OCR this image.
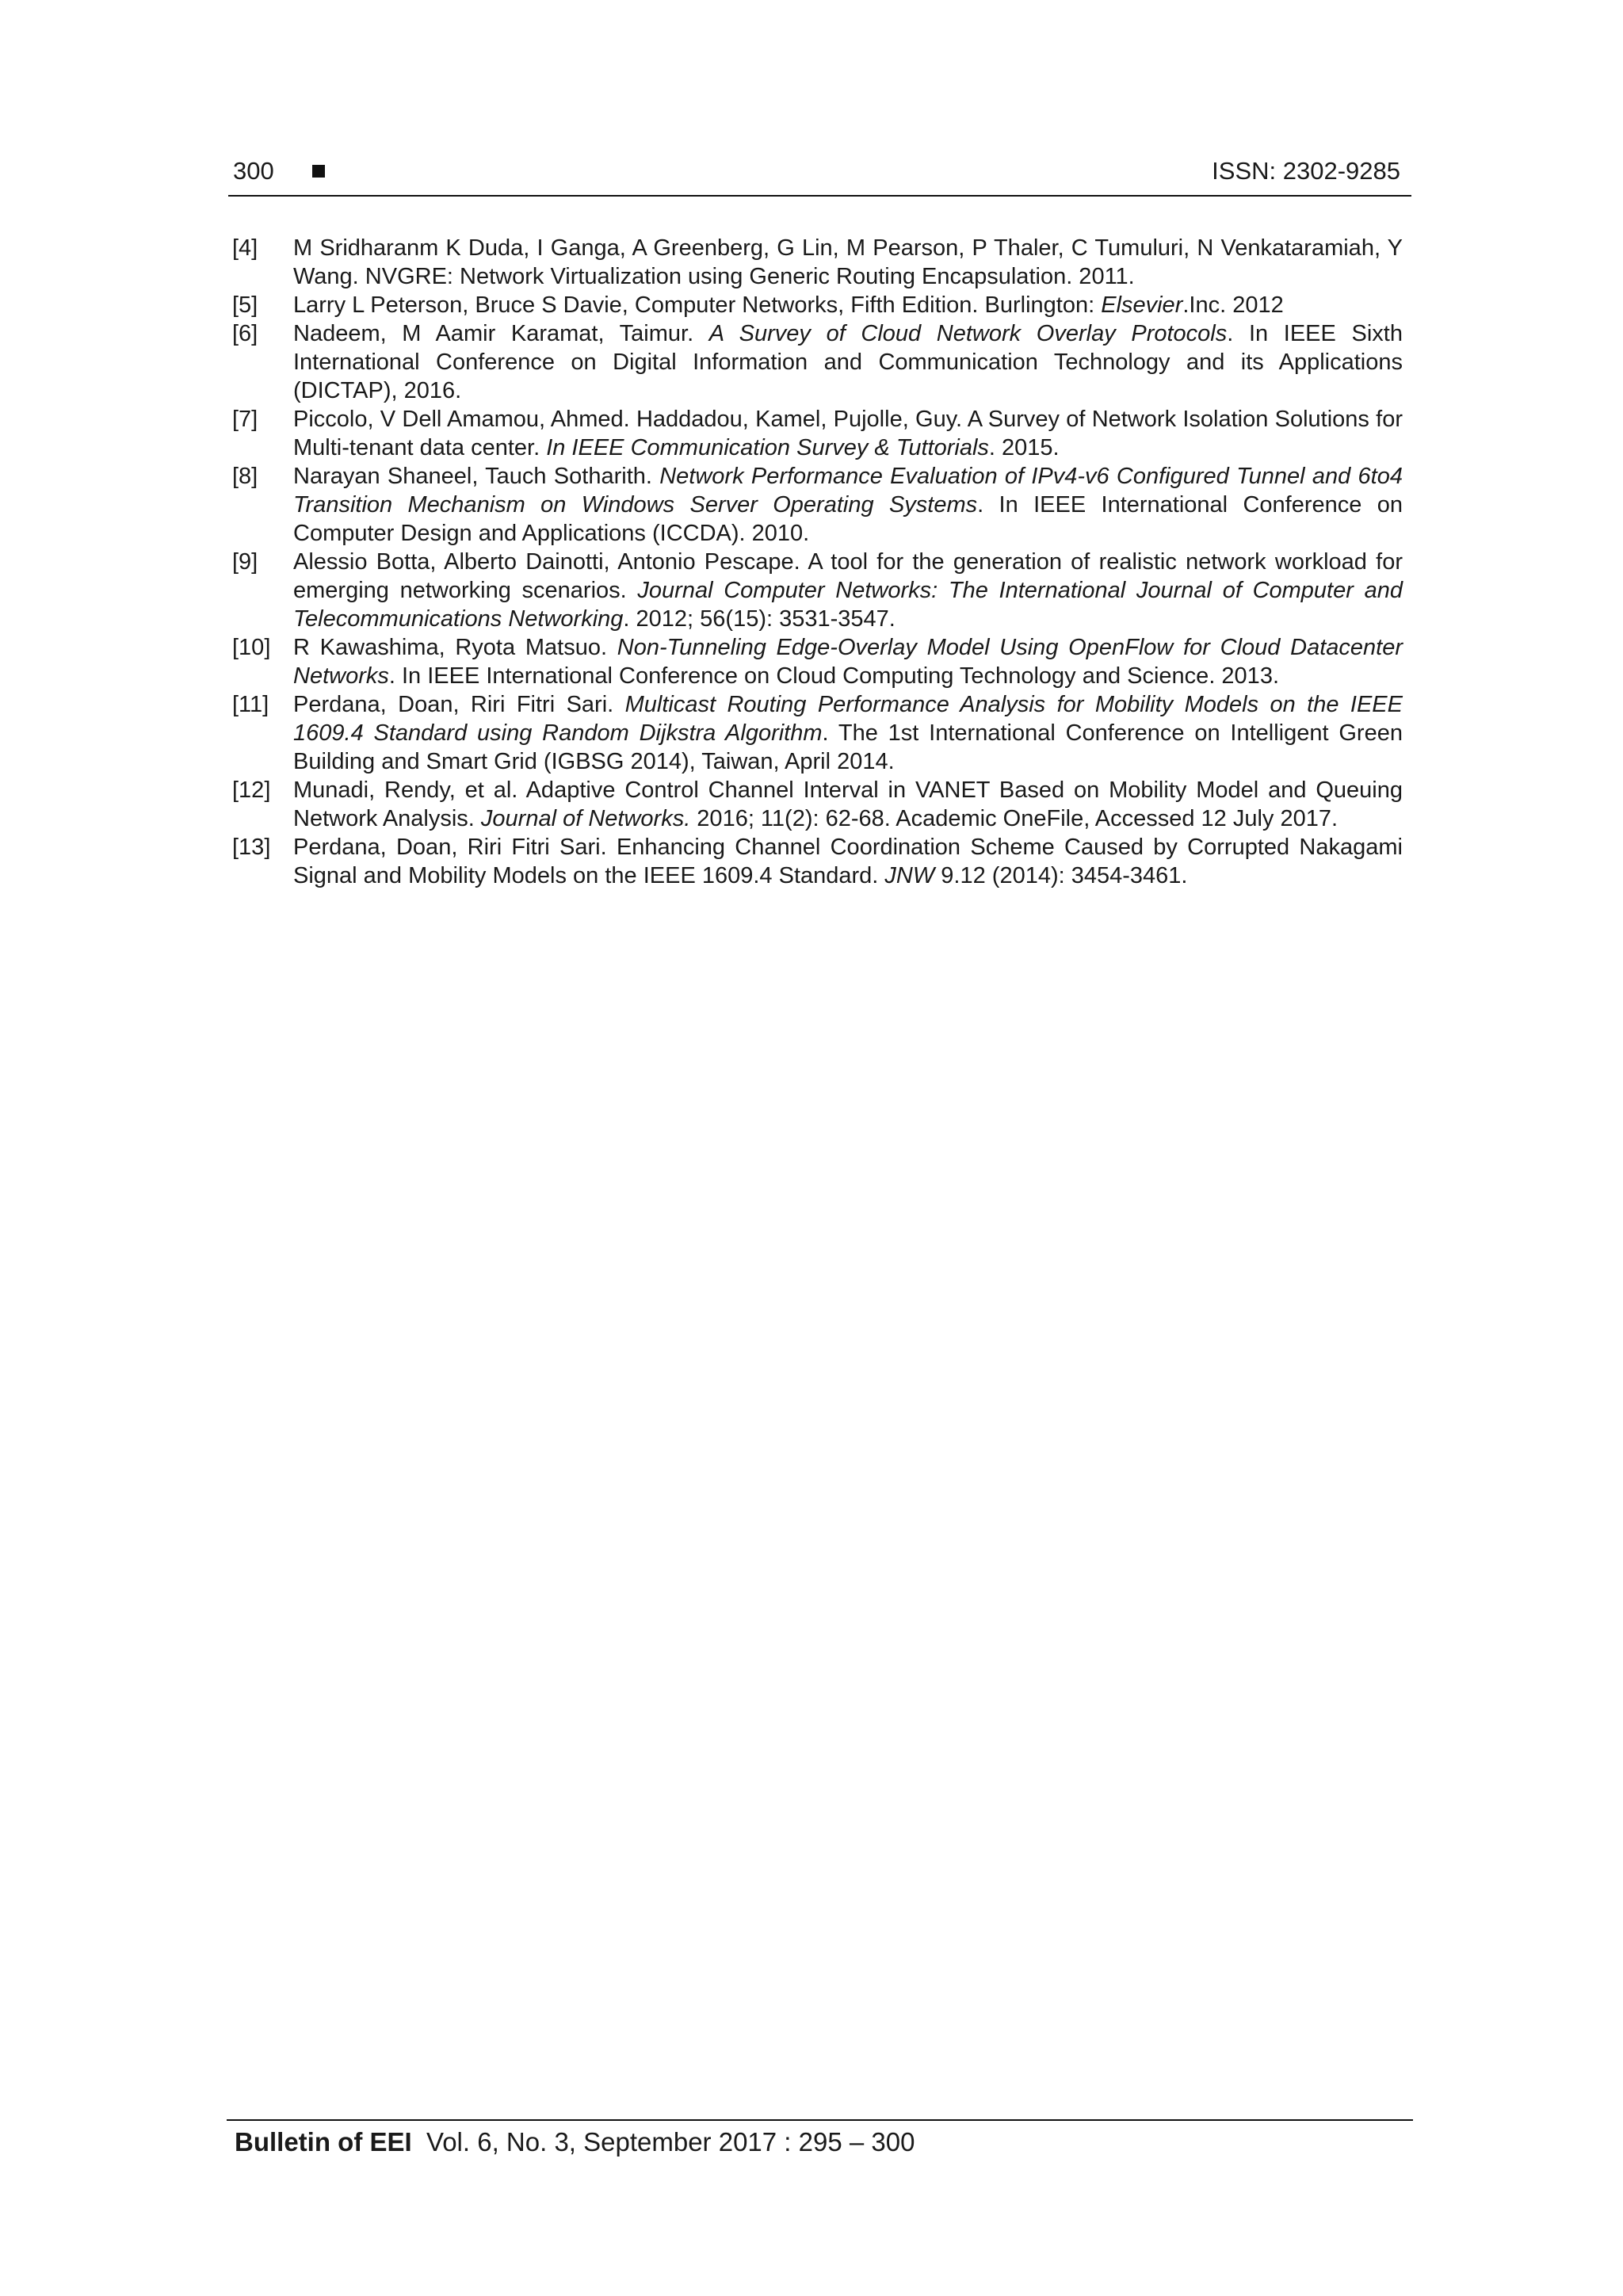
300	ISSN: 2302-9285
[4] M Sridharanm K Duda, I Ganga, A Greenberg, G Lin, M Pearson, P Thaler, C Tumuluri, N Venkataramiah, Y Wang. NVGRE: Network Virtualization using Generic Routing Encapsulation. 2011.
[5] Larry L Peterson, Bruce S Davie, Computer Networks, Fifth Edition. Burlington: Elsevier.Inc. 2012
[6] Nadeem, M Aamir Karamat, Taimur. A Survey of Cloud Network Overlay Protocols. In IEEE Sixth International Conference on Digital Information and Communication Technology and its Applications (DICTAP), 2016.
[7] Piccolo, V Dell Amamou, Ahmed. Haddadou, Kamel, Pujolle, Guy. A Survey of Network Isolation Solutions for Multi-tenant data center. In IEEE Communication Survey & Tuttorials. 2015.
[8] Narayan Shaneel, Tauch Sotharith. Network Performance Evaluation of IPv4-v6 Configured Tunnel and 6to4 Transition Mechanism on Windows Server Operating Systems. In IEEE International Conference on Computer Design and Applications (ICCDA). 2010.
[9] Alessio Botta, Alberto Dainotti, Antonio Pescape. A tool for the generation of realistic network workload for emerging networking scenarios. Journal Computer Networks: The International Journal of Computer and Telecommunications Networking. 2012; 56(15): 3531-3547.
[10] R Kawashima, Ryota Matsuo. Non-Tunneling Edge-Overlay Model Using OpenFlow for Cloud Datacenter Networks. In IEEE International Conference on Cloud Computing Technology and Science. 2013.
[11] Perdana, Doan, Riri Fitri Sari. Multicast Routing Performance Analysis for Mobility Models on the IEEE 1609.4 Standard using Random Dijkstra Algorithm. The 1st International Conference on Intelligent Green Building and Smart Grid (IGBSG 2014), Taiwan, April 2014.
[12] Munadi, Rendy, et al. Adaptive Control Channel Interval in VANET Based on Mobility Model and Queuing Network Analysis. Journal of Networks. 2016; 11(2): 62-68. Academic OneFile, Accessed 12 July 2017.
[13] Perdana, Doan, Riri Fitri Sari. Enhancing Channel Coordination Scheme Caused by Corrupted Nakagami Signal and Mobility Models on the IEEE 1609.4 Standard. JNW 9.12 (2014): 3454-3461.
Bulletin of EEI Vol. 6, No. 3, September 2017 : 295 – 300
